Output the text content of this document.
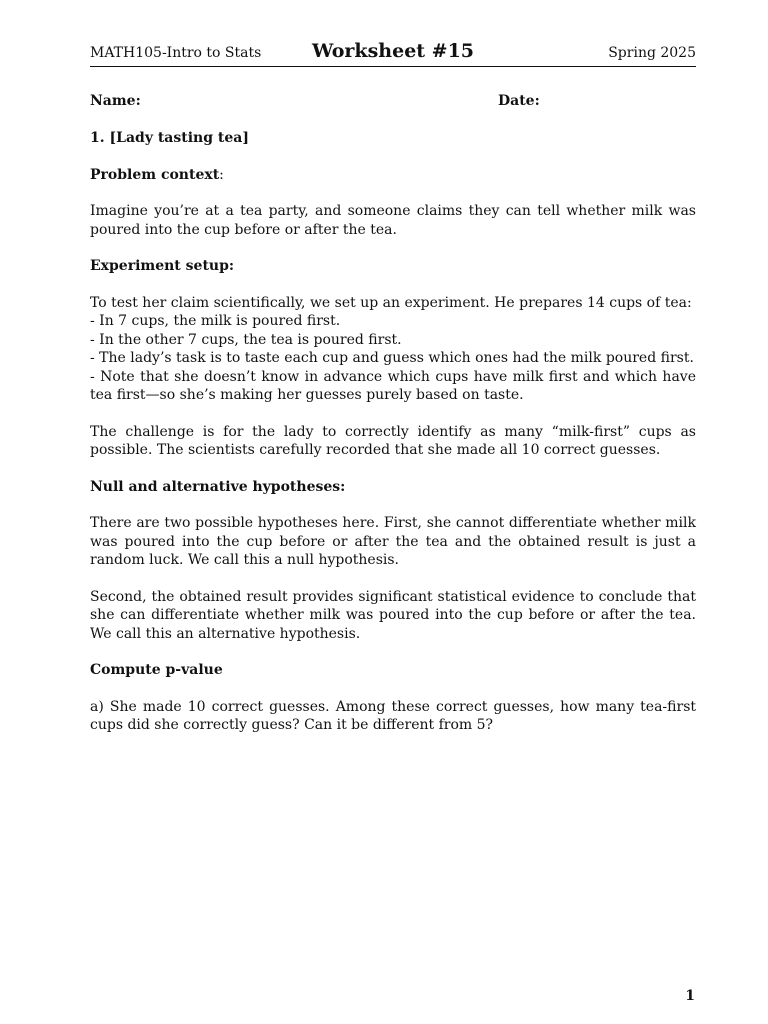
MATH105-Intro to Stats	Worksheet #15	Spring 2025
Name:	Date:

1. [Lady tasting tea]

Problem context:

Imagine you’re at a tea party, and someone claims they can tell whether milk was poured into the cup before or after the tea.

Experiment setup:

To test her claim scientifically, we set up an experiment. He prepares 14 cups of tea:
- In 7 cups, the milk is poured first.
- In the other 7 cups, the tea is poured first.
- The lady’s task is to taste each cup and guess which ones had the milk poured first.
- Note that she doesn’t know in advance which cups have milk first and which have tea first—so she’s making her guesses purely based on taste.

The challenge is for the lady to correctly identify as many “milk-first” cups as possible. The scientists carefully recorded that she made all 10 correct guesses.

Null and alternative hypotheses:

There are two possible hypotheses here. First, she cannot differentiate whether milk was poured into the cup before or after the tea and the obtained result is just a random luck. We call this a null hypothesis.

Second, the obtained result provides significant statistical evidence to conclude that she can differentiate whether milk was poured into the cup before or after the tea. We call this an alternative hypothesis.

Compute p-value

a) She made 10 correct guesses. Among these correct guesses, how many tea-first cups did she correctly guess? Can it be different from 5?

1
